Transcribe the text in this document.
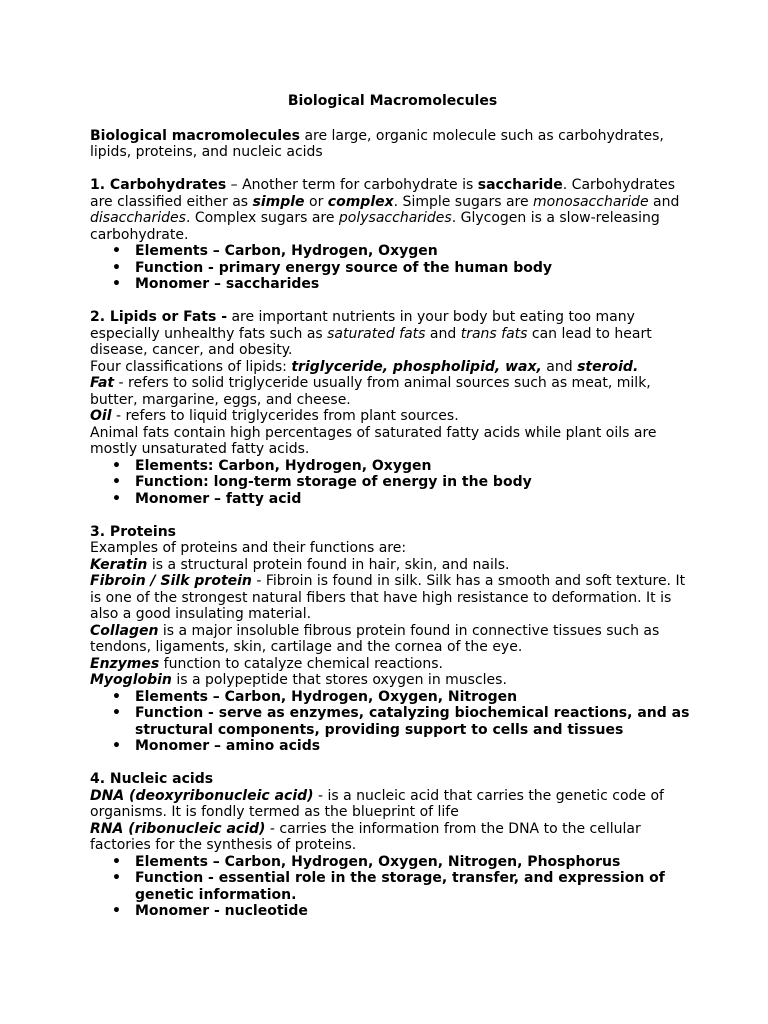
Biological Macromolecules

Biological macromolecules are large, organic molecule such as carbohydrates, lipids, proteins, and nucleic acids

1. Carbohydrates – Another term for carbohydrate is saccharide. Carbohydrates are classified either as simple or complex. Simple sugars are monosaccharide and disaccharides. Complex sugars are polysaccharides. Glycogen is a slow-releasing carbohydrate.

• Elements – Carbon, Hydrogen, Oxygen
• Function - primary energy source of the human body
• Monomer – saccharides

2. Lipids or Fats - are important nutrients in your body but eating too many especially unhealthy fats such as saturated fats and trans fats can lead to heart disease, cancer, and obesity.

Four classifications of lipids: triglyceride, phospholipid, wax, and steroid.

Fat - refers to solid triglyceride usually from animal sources such as meat, milk, butter, margarine, eggs, and cheese.

Oil - refers to liquid triglycerides from plant sources.

Animal fats contain high percentages of saturated fatty acids while plant oils are mostly unsaturated fatty acids.

• Elements: Carbon, Hydrogen, Oxygen
• Function: long-term storage of energy in the body
• Monomer – fatty acid

3. Proteins

Examples of proteins and their functions are:

Keratin is a structural protein found in hair, skin, and nails.

Fibroin / Silk protein - Fibroin is found in silk. Silk has a smooth and soft texture. It is one of the strongest natural fibers that have high resistance to deformation. It is also a good insulating material.

Collagen is a major insoluble fibrous protein found in connective tissues such as tendons, ligaments, skin, cartilage and the cornea of the eye.

Enzymes function to catalyze chemical reactions.

Myoglobin is a polypeptide that stores oxygen in muscles.

• Elements – Carbon, Hydrogen, Oxygen, Nitrogen
• Function - serve as enzymes, catalyzing biochemical reactions, and as structural components, providing support to cells and tissues
• Monomer – amino acids

4. Nucleic acids

DNA (deoxyribonucleic acid) - is a nucleic acid that carries the genetic code of organisms. It is fondly termed as the blueprint of life

RNA (ribonucleic acid) - carries the information from the DNA to the cellular factories for the synthesis of proteins.

• Elements – Carbon, Hydrogen, Oxygen, Nitrogen, Phosphorus
• Function - essential role in the storage, transfer, and expression of genetic information.
• Monomer - nucleotide
